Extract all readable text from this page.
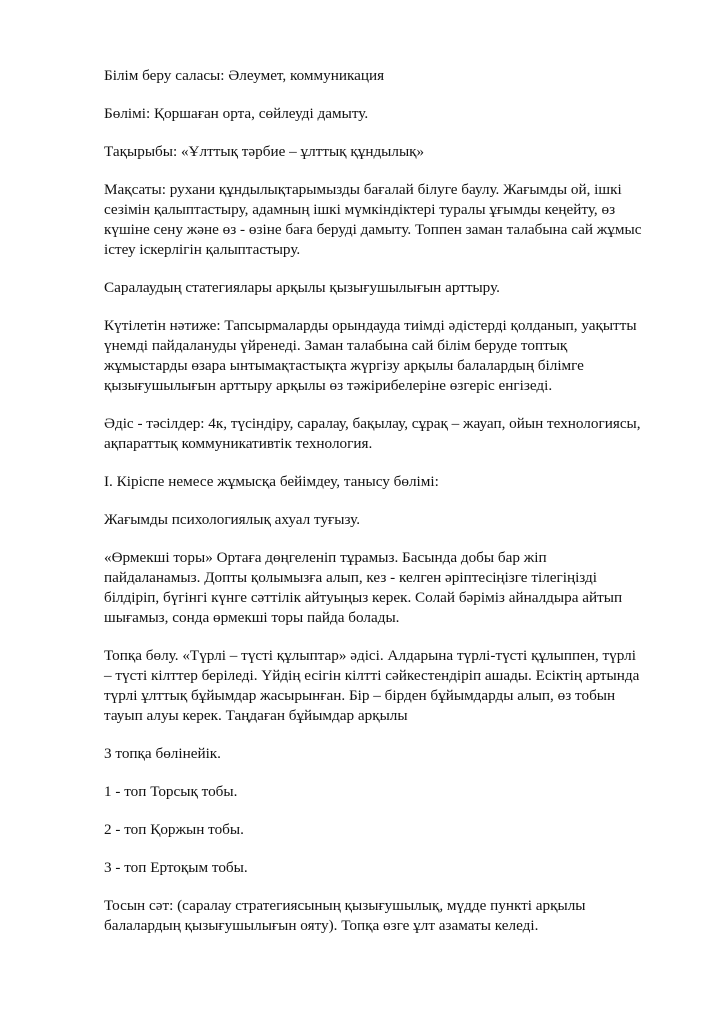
Білім беру саласы: Әлеумет, коммуникация

Бөлімі: Қоршаған орта, сөйлеуді дамыту.

Тақырыбы: «Ұлттық тәрбие – ұлттық құндылық»

Мақсаты: рухани құндылықтарымызды бағалай білуге баулу. Жағымды ой, ішкі сезімін қалыптастыру, адамның ішкі мүмкіндіктері туралы ұғымды кеңейту, өз күшіне сену және өз - өзіне баға беруді дамыту. Топпен заман талабына сай жұмыс істеу іскерлігін қалыптастыру.

Саралаудың статегиялары арқылы қызығушылығын арттыру.

Күтілетін нәтиже: Тапсырмаларды орындауда тиімді әдістерді қолданып, уақытты үнемді пайдалануды үйренеді. Заман талабына сай білім беруде топтық жұмыстарды өзара ынтымақтастықта жүргізу арқылы балалардың білімге қызығушылығын арттыру арқылы өз тәжірибелеріне өзгеріс енгізеді.

Әдіс - тәсілдер: 4к, түсіндіру, саралау, бақылау, сұрақ – жауап, ойын технологиясы, ақпараттық коммуникативтік технология.

I. Кіріспе немесе жұмысқа бейімдеу, танысу бөлімі:

Жағымды психологиялық ахуал туғызу.

«Өрмекші торы» Ортаға дөңгеленіп тұрамыз. Басында добы бар жіп пайдаланамыз. Допты қолымызға алып, кез - келген әріптесіңізге тілегіңізді білдіріп, бүгінгі күнге сәттілік айтуыңыз керек. Солай бәріміз айналдыра айтып шығамыз, сонда өрмекші торы пайда болады.

Топқа бөлу. «Түрлі – түсті құлыптар» әдісі. Алдарына түрлі-түсті құлыппен, түрлі – түсті кілттер беріледі. Үйдің есігін кілтті сәйкестендіріп ашады. Есіктің артында түрлі ұлттық бұйымдар жасырынған. Бір – бірден бұйымдарды алып, өз тобын тауып алуы керек. Таңдаған бұйымдар арқылы

3 топқа бөлінейік.

1 - топ Торсық тобы.

2 - топ Қоржын тобы.

3 - топ Ертоқым тобы.

Тосын сәт: (саралау стратегиясының қызығушылық, мүдде пункті арқылы балалардың қызығушылығын ояту). Топқа өзге ұлт азаматы келеді.
